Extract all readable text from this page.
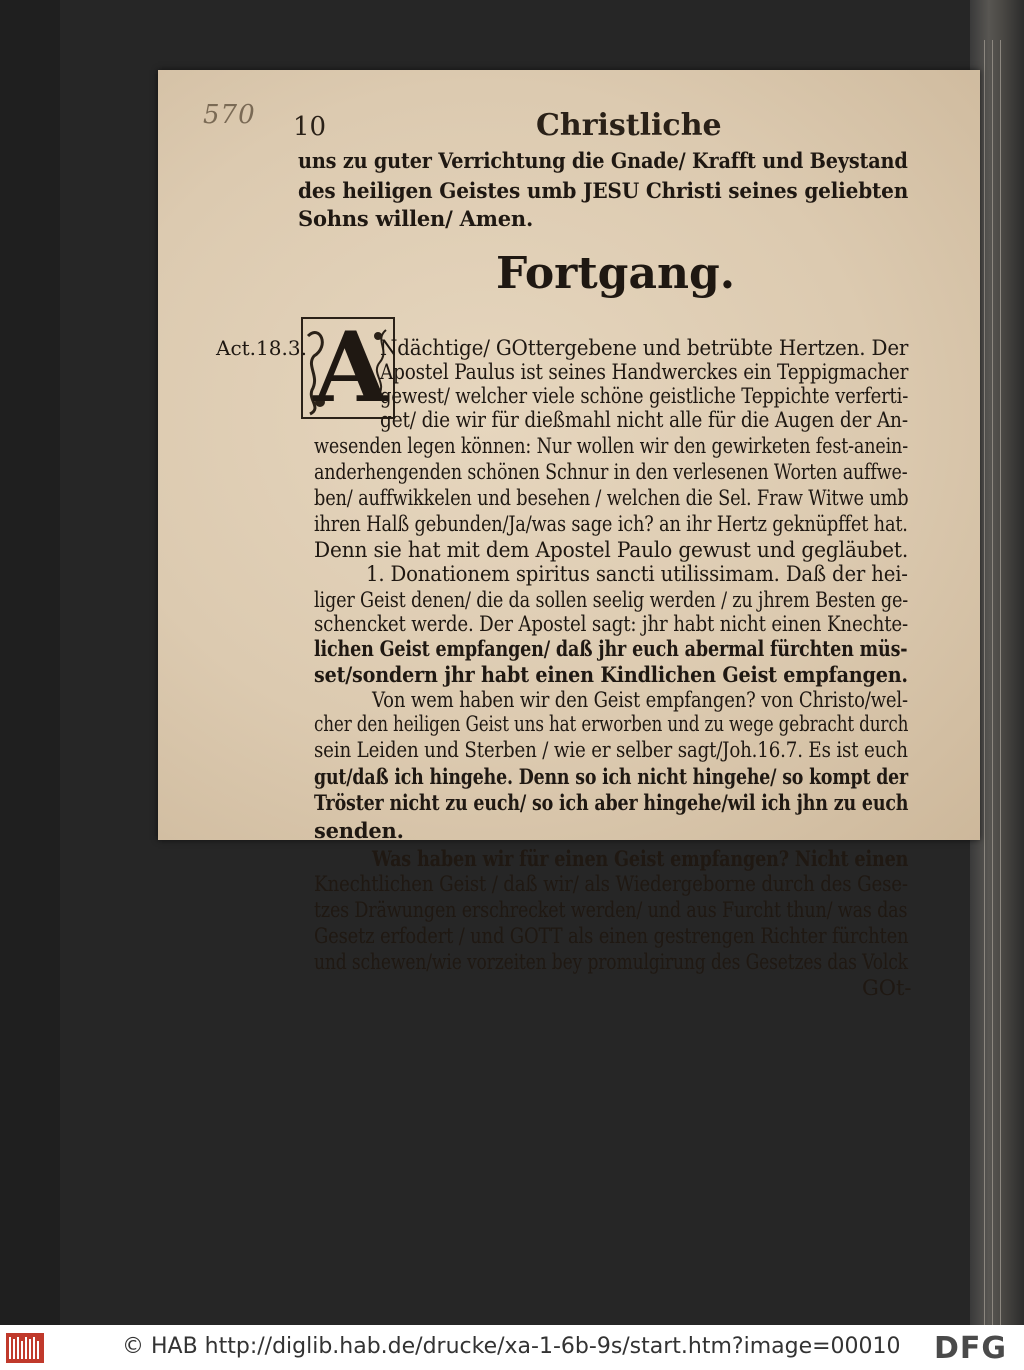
570 10	Christliche
Fortgang.
Act.18.3. A
uns zu guter Verrichtung die Gnade/ Krafft und Beystand
des heiligen Geistes umb JESU Christi seines geliebten
Sohns willen/ Amen.
Ndächtige/ GOttergebene und betrübte Hertzen. Der
Apostel Paulus ist seines Handwerckes ein Teppigmacher
gewest/ welcher viele schöne geistliche Teppichte verferti-
get/ die wir für dießmahl nicht alle für die Augen der An-
wesenden legen können: Nur wollen wir den gewirketen fest-anein-
anderhengenden schönen Schnur in den verlesenen Worten auffwe-
ben/ auffwikkelen und besehen / welchen die Sel. Fraw Witwe umb
ihren Halß gebunden/Ja/was sage ich? an ihr Hertz geknüpffet hat.
Denn sie hat mit dem Apostel Paulo gewust und gegläubet.
1. Donationem spiritus sancti utilissimam. Daß der hei-
liger Geist denen/ die da sollen seelig werden / zu jhrem Besten ge-
schencket werde. Der Apostel sagt: jhr habt nicht einen Knechte-
lichen Geist empfangen/ daß jhr euch abermal fürchten müs-
set/sondern jhr habt einen Kindlichen Geist empfangen.
Von wem haben wir den Geist empfangen? von Christo/wel-
cher den heiligen Geist uns hat erworben und zu wege gebracht durch
sein Leiden und Sterben / wie er selber sagt/Joh.16.7. Es ist euch
gut/daß ich hingehe. Denn so ich nicht hingehe/ so kompt der
Tröster nicht zu euch/ so ich aber hingehe/wil ich jhn zu euch
senden.
Was haben wir für einen Geist empfangen? Nicht einen
Knechtlichen Geist / daß wir/ als Wiedergeborne durch des Gese-
tzes Dräwungen erschrecket werden/ und aus Furcht thun/ was das
Gesetz erfodert / und GOTT als einen gestrengen Richter fürchten
und schewen/wie vorzeiten bey promulgirung des Gesetzes das Volck
GOt-
© HAB http://diglib.hab.de/drucke/xa-1-6b-9s/start.htm?image=00010 DFG
